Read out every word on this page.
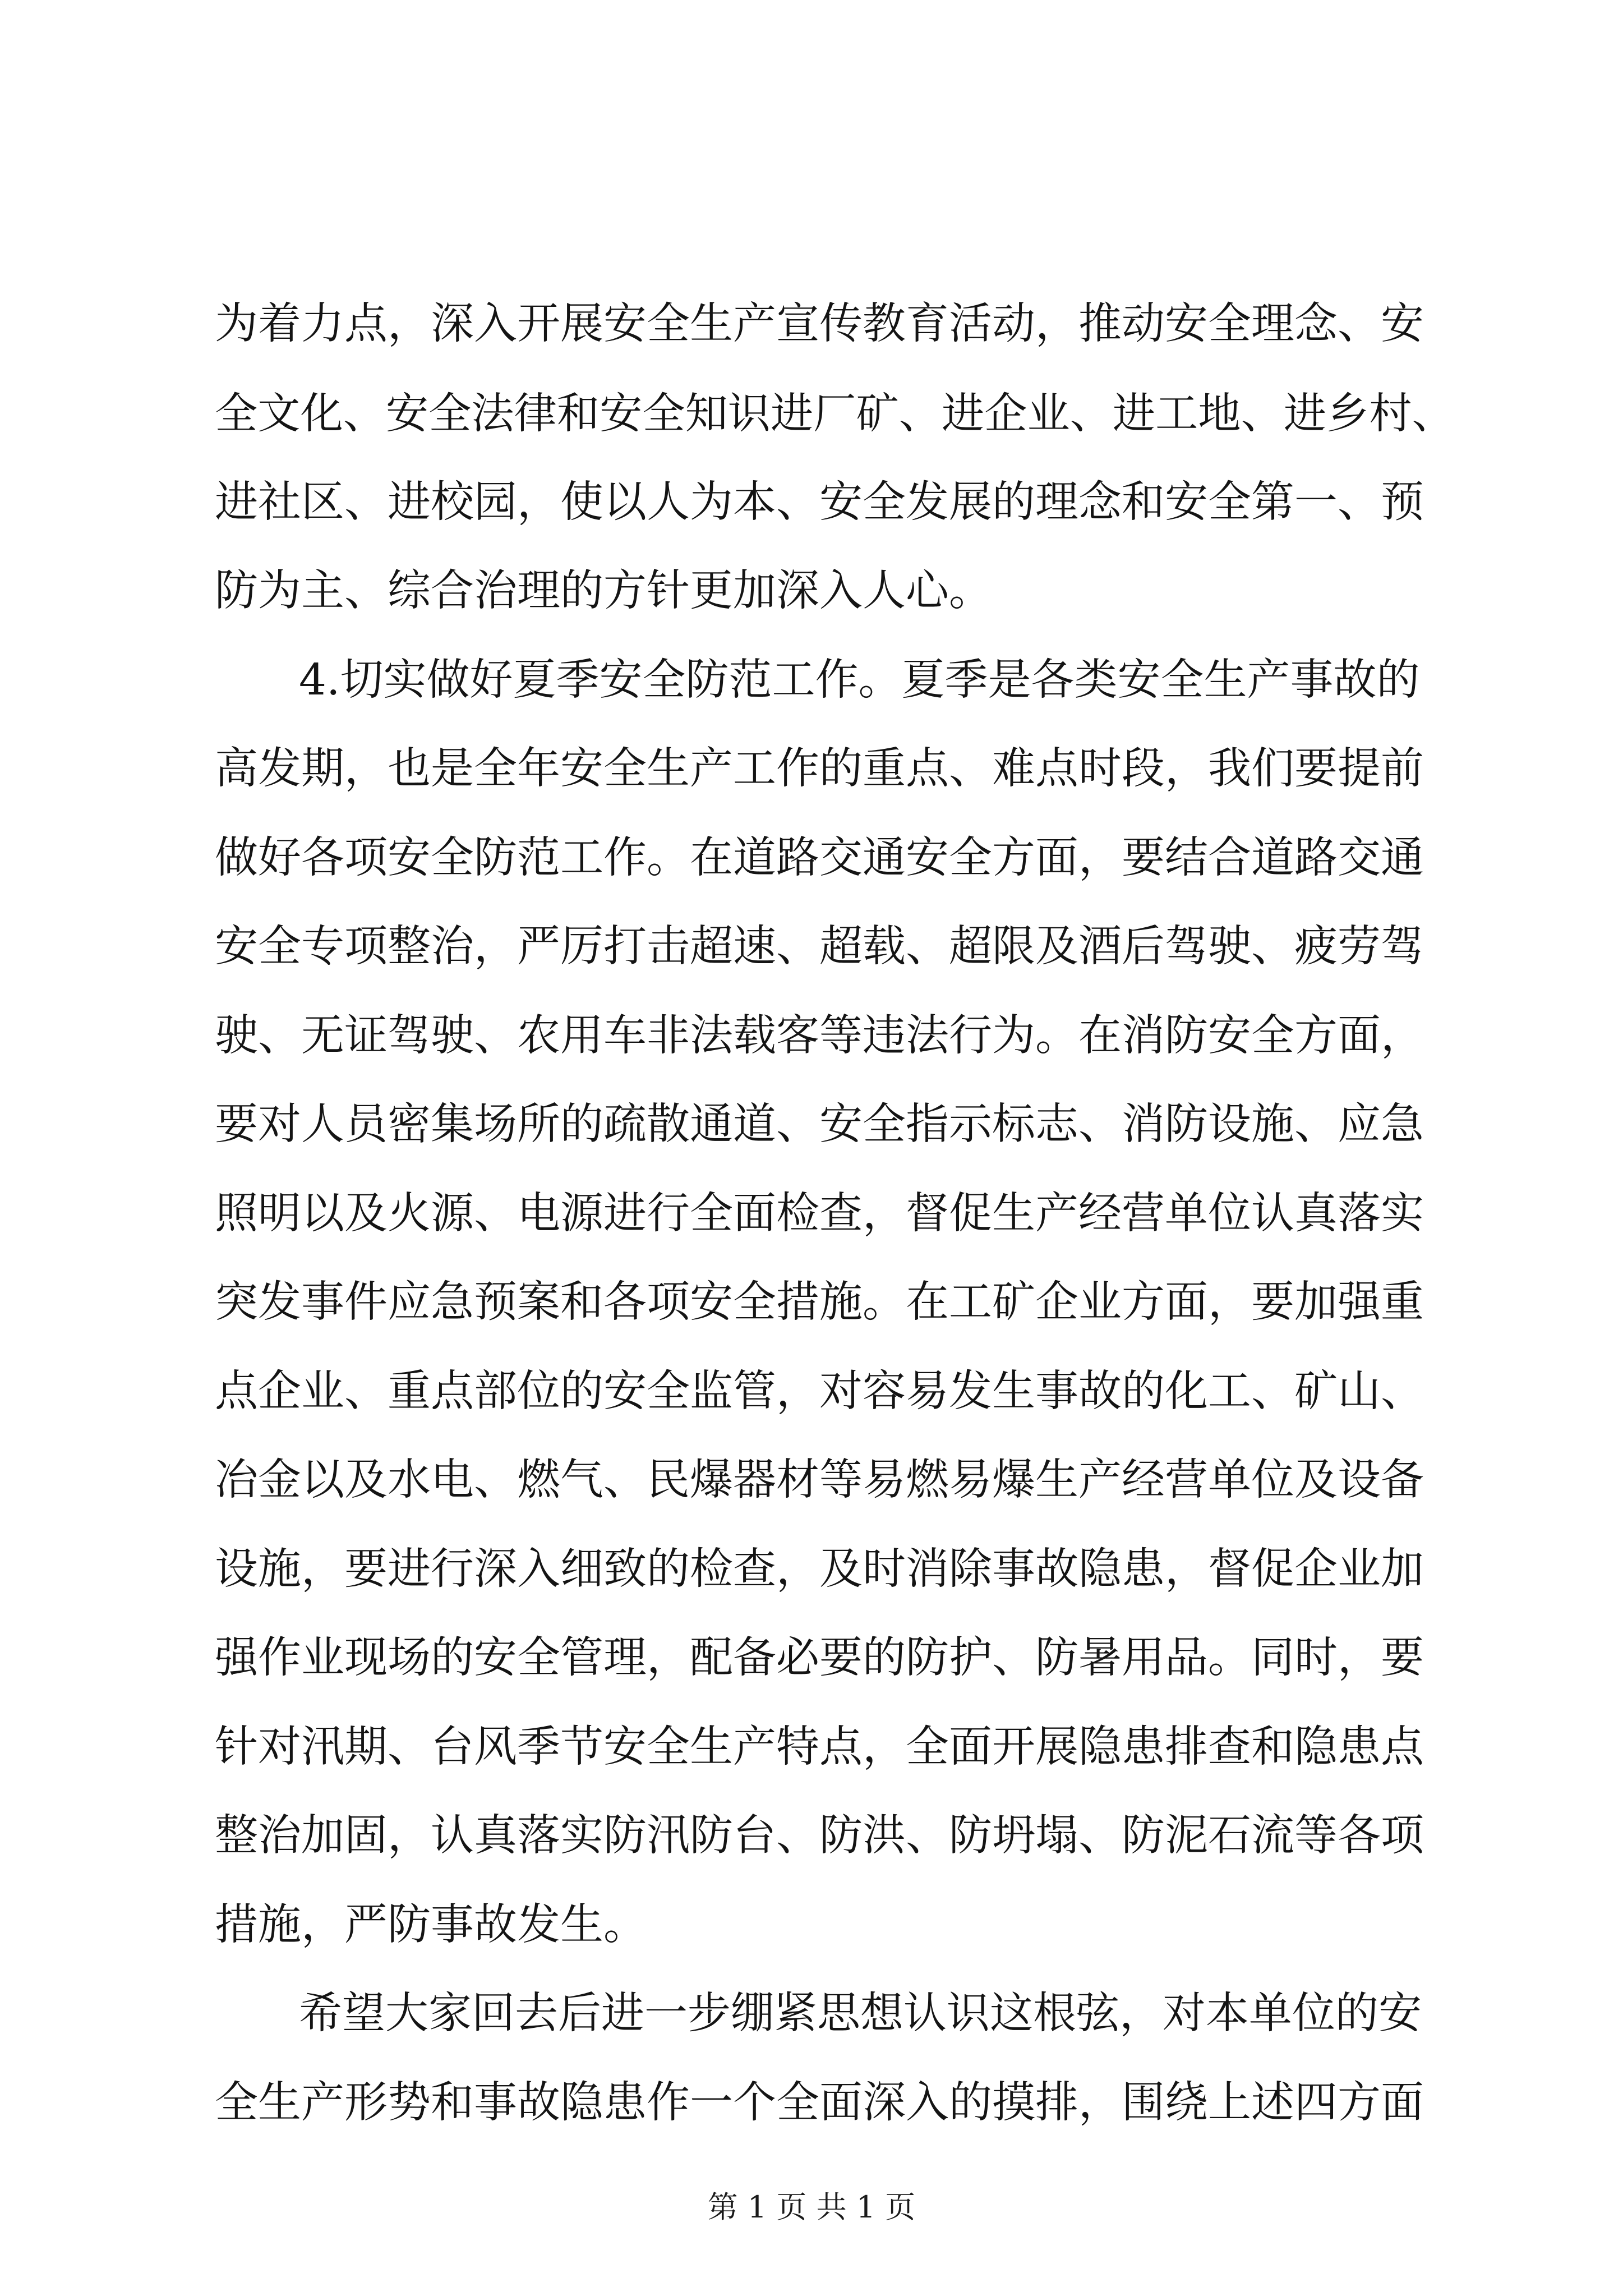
为着力点，深入开展安全生产宣传教育活动，推动安全理念、安
全文化、安全法律和安全知识进厂矿、进企业、进工地、进乡村、
进社区、进校园，使以人为本、安全发展的理念和安全第一、预
防为主、综合治理的方针更加深入人心。
4.切实做好夏季安全防范工作。夏季是各类安全生产事故的
高发期，也是全年安全生产工作的重点、难点时段，我们要提前
做好各项安全防范工作。在道路交通安全方面，要结合道路交通
安全专项整治，严厉打击超速、超载、超限及酒后驾驶、疲劳驾
驶、无证驾驶、农用车非法载客等违法行为。在消防安全方面，
要对人员密集场所的疏散通道、安全指示标志、消防设施、应急
照明以及火源、电源进行全面检查，督促生产经营单位认真落实
突发事件应急预案和各项安全措施。在工矿企业方面，要加强重
点企业、重点部位的安全监管，对容易发生事故的化工、矿山、
冶金以及水电、燃气、民爆器材等易燃易爆生产经营单位及设备
设施，要进行深入细致的检查，及时消除事故隐患，督促企业加
强作业现场的安全管理，配备必要的防护、防暑用品。同时，要
针对汛期、台风季节安全生产特点，全面开展隐患排查和隐患点
整治加固，认真落实防汛防台、防洪、防坍塌、防泥石流等各项
措施，严防事故发生。
希望大家回去后进一步绷紧思想认识这根弦，对本单位的安
全生产形势和事故隐患作一个全面深入的摸排，围绕上述四方面
第 1 页 共 1 页
